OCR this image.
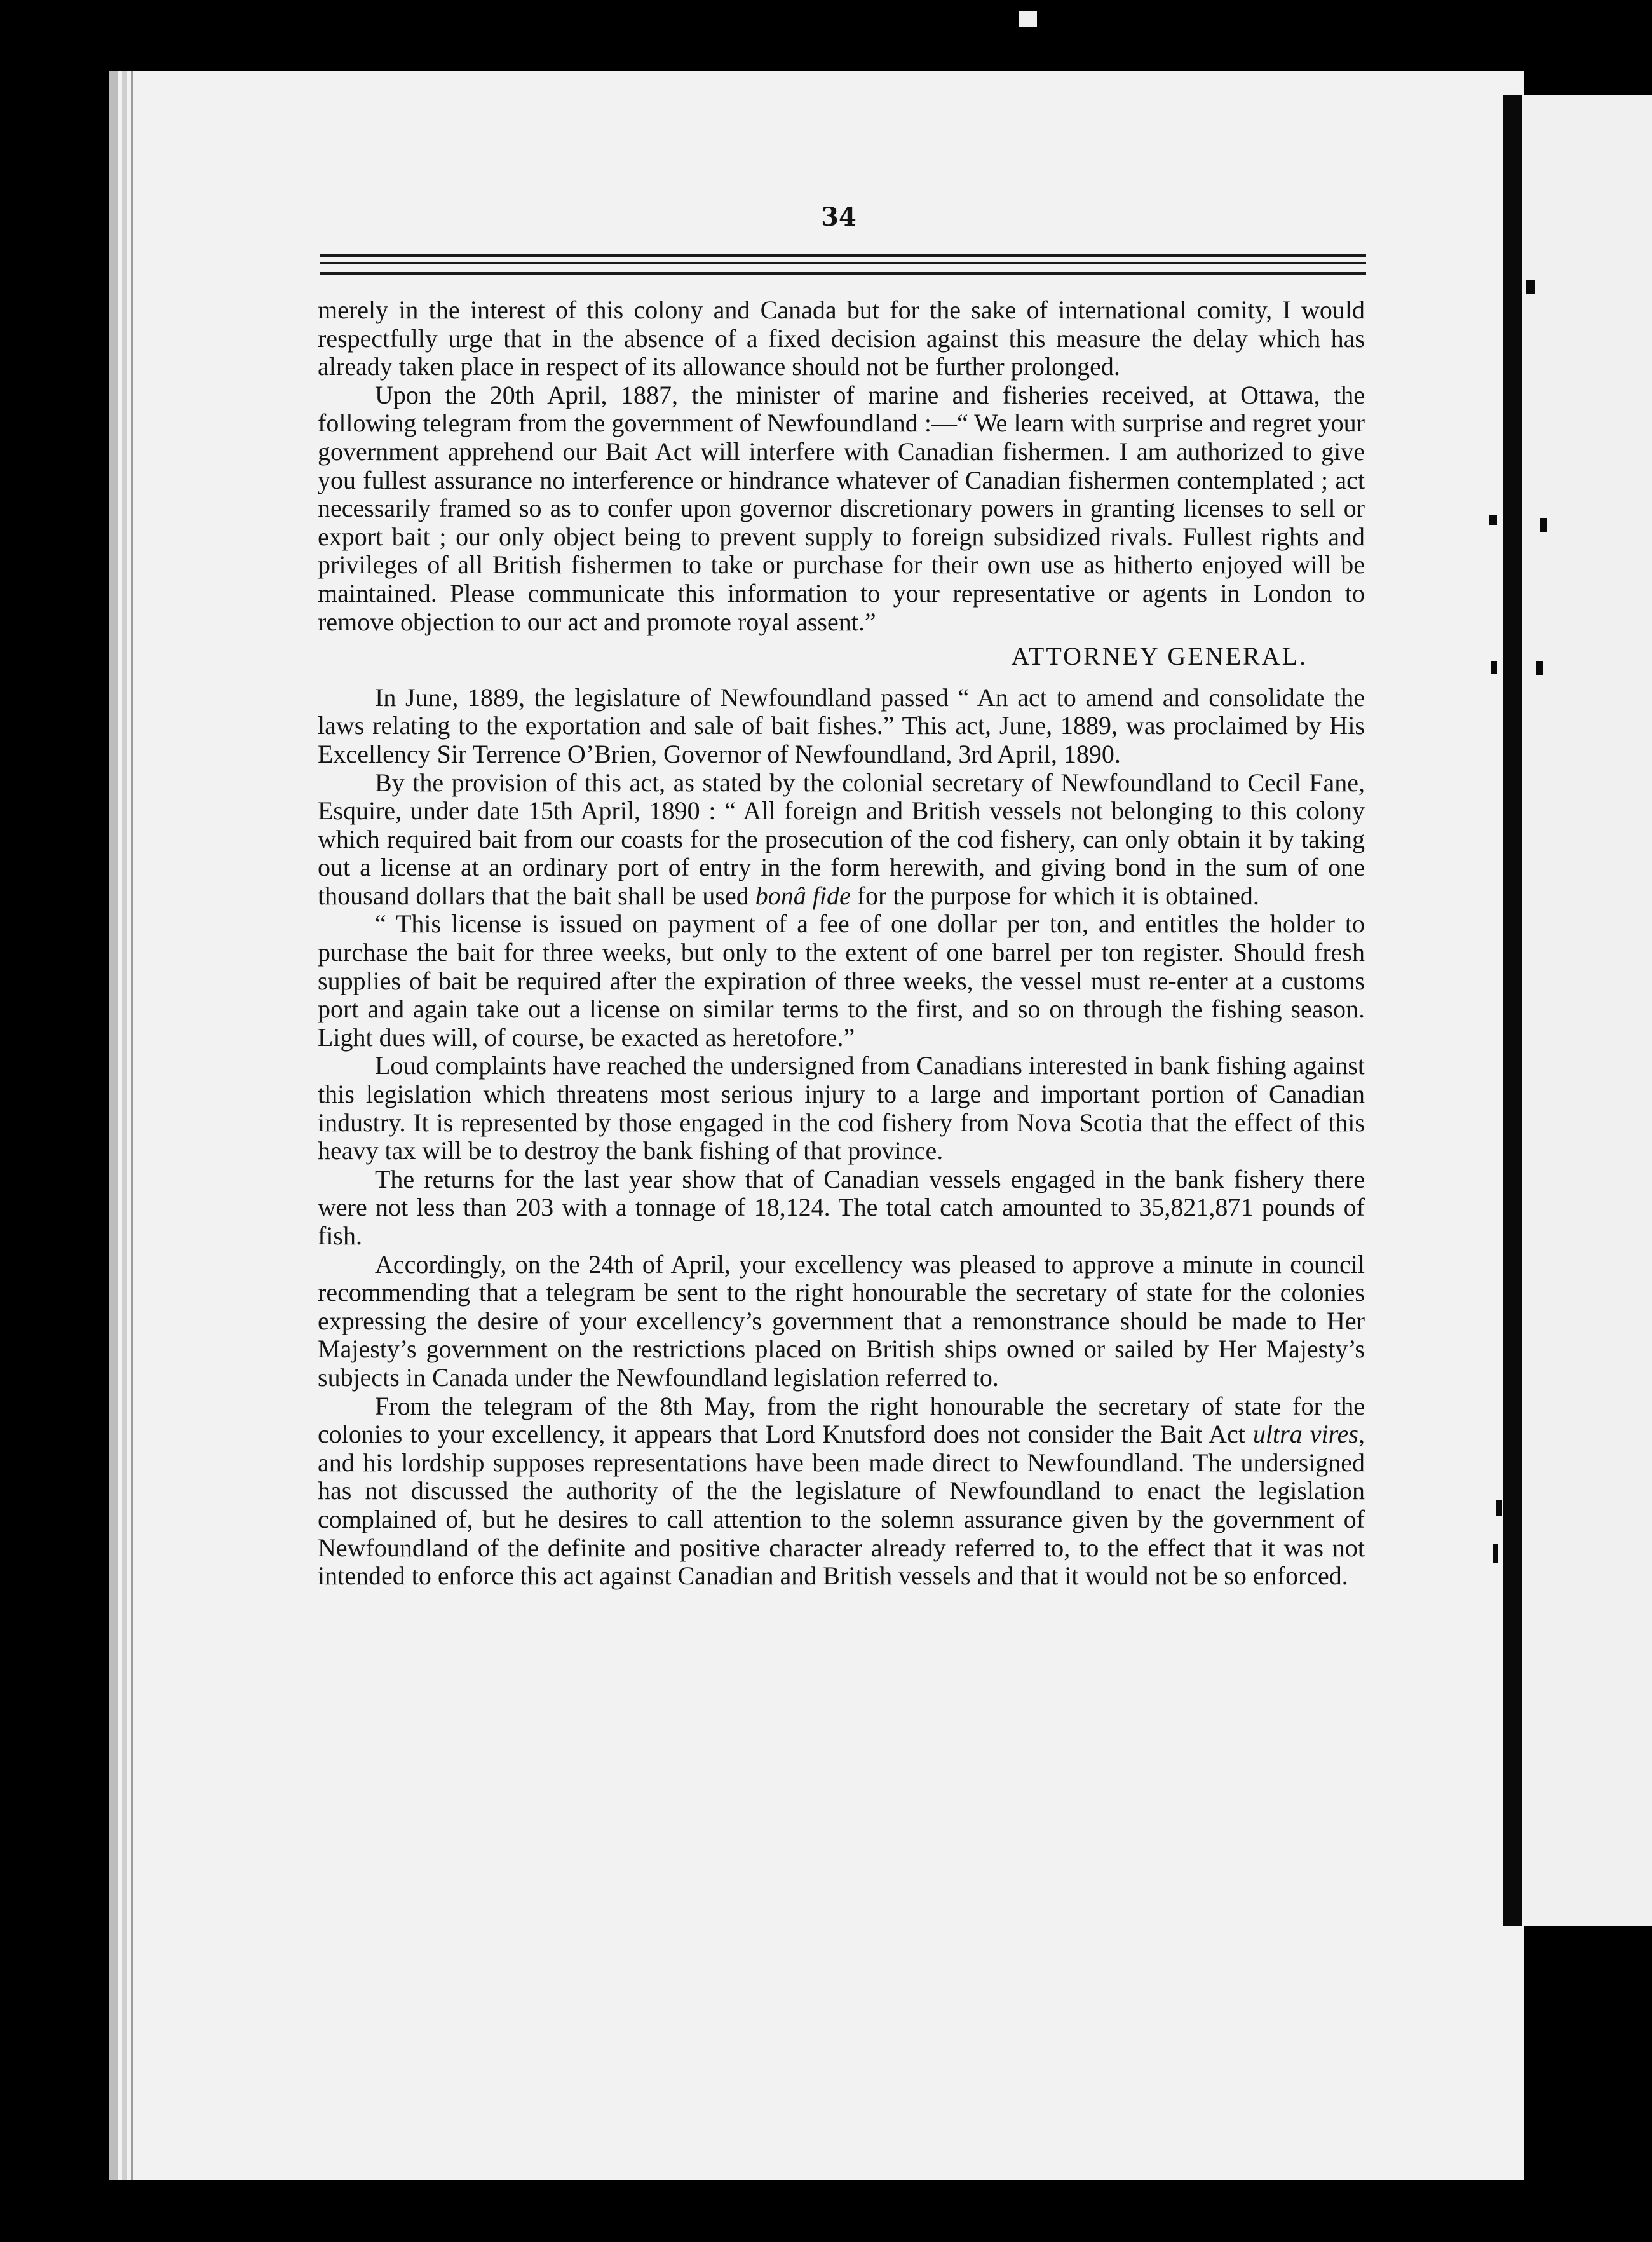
34

merely in the interest of this colony and Canada but for the sake of international comity, I would respectfully urge that in the absence of a fixed decision against this measure the delay which has already taken place in respect of its allowance should not be further prolonged.

Upon the 20th April, 1887, the minister of marine and fisheries received, at Ottawa, the following telegram from the government of Newfoundland :—“ We learn with surprise and regret your government apprehend our Bait Act will interfere with Canadian fishermen. I am authorized to give you fullest assurance no interference or hindrance whatever of Canadian fishermen contemplated ; act necessarily framed so as to confer upon governor discretionary powers in granting licenses to sell or export bait ; our only object being to prevent supply to foreign subsidized rivals. Fullest rights and privileges of all British fishermen to take or purchase for their own use as hitherto enjoyed will be maintained. Please communicate this information to your representative or agents in London to remove objection to our act and promote royal assent.”

ATTORNEY GENERAL.

In June, 1889, the legislature of Newfoundland passed “ An act to amend and consolidate the laws relating to the exportation and sale of bait fishes.” This act, June, 1889, was proclaimed by His Excellency Sir Terrence O’Brien, Governor of Newfoundland, 3rd April, 1890.

By the provision of this act, as stated by the colonial secretary of Newfoundland to Cecil Fane, Esquire, under date 15th April, 1890 : “ All foreign and British vessels not belonging to this colony which required bait from our coasts for the prosecution of the cod fishery, can only obtain it by taking out a license at an ordinary port of entry in the form herewith, and giving bond in the sum of one thousand dollars that the bait shall be used bonâ fide for the purpose for which it is obtained.

“ This license is issued on payment of a fee of one dollar per ton, and entitles the holder to purchase the bait for three weeks, but only to the extent of one barrel per ton register. Should fresh supplies of bait be required after the expiration of three weeks, the vessel must re-enter at a customs port and again take out a license on similar terms to the first, and so on through the fishing season. Light dues will, of course, be exacted as heretofore.”

Loud complaints have reached the undersigned from Canadians interested in bank fishing against this legislation which threatens most serious injury to a large and important portion of Canadian industry. It is represented by those engaged in the cod fishery from Nova Scotia that the effect of this heavy tax will be to destroy the bank fishing of that province.

The returns for the last year show that of Canadian vessels engaged in the bank fishery there were not less than 203 with a tonnage of 18,124. The total catch amounted to 35,821,871 pounds of fish.

Accordingly, on the 24th of April, your excellency was pleased to approve a minute in council recommending that a telegram be sent to the right honourable the secretary of state for the colonies expressing the desire of your excellency’s government that a remonstrance should be made to Her Majesty’s government on the restrictions placed on British ships owned or sailed by Her Majesty’s subjects in Canada under the Newfoundland legislation referred to.

From the telegram of the 8th May, from the right honourable the secretary of state for the colonies to your excellency, it appears that Lord Knutsford does not consider the Bait Act ultra vires, and his lordship supposes representations have been made direct to Newfoundland. The undersigned has not discussed the authority of the the legislature of Newfoundland to enact the legislation complained of, but he desires to call attention to the solemn assurance given by the government of Newfoundland of the definite and positive character already referred to, to the effect that it was not intended to enforce this act against Canadian and British vessels and that it would not be so enforced.
